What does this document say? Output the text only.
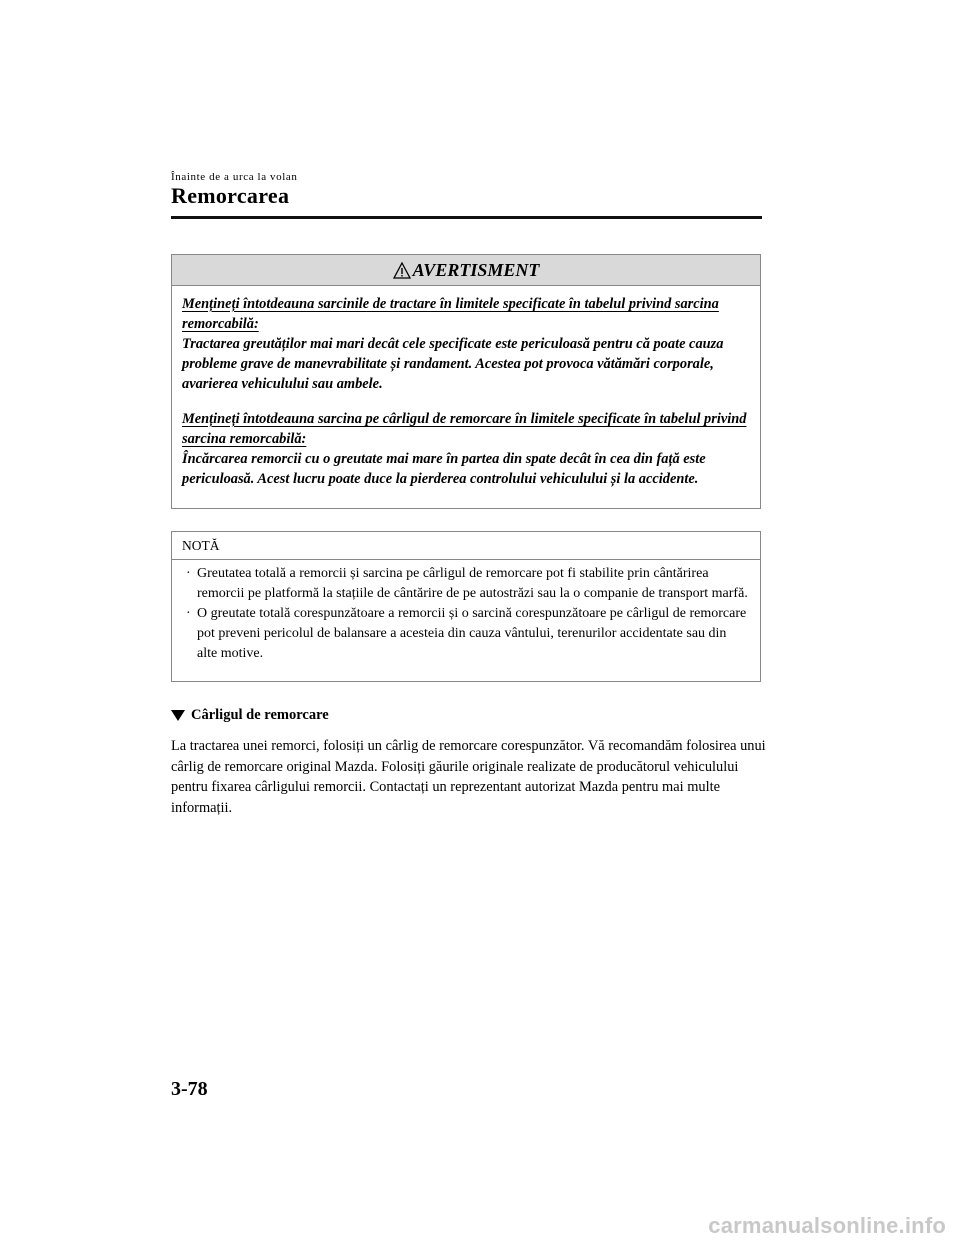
Înainte de a urca la volan
Remorcarea
AVERTISMENT

Mențineți întotdeauna sarcinile de tractare în limitele specificate în tabelul privind sarcina remorcabilă:

Tractarea greutăților mai mari decât cele specificate este periculoasă pentru că poate cauza probleme grave de manevrabilitate și randament. Acestea pot provoca vătămări corporale, avarierea vehiculului sau ambele.

Mențineți întotdeauna sarcina pe cârligul de remorcare în limitele specificate în tabelul privind sarcina remorcabilă:

Încărcarea remorcii cu o greutate mai mare în partea din spate decât în cea din față este periculoasă. Acest lucru poate duce la pierderea controlului vehiculului și la accidente.

NOTĂ

· Greutatea totală a remorcii și sarcina pe cârligul de remorcare pot fi stabilite prin cântărirea remorcii pe platformă la stațiile de cântărire de pe autostrăzi sau la o companie de transport marfă.

· O greutate totală corespunzătoare a remorcii și o sarcină corespunzătoare pe cârligul de remorcare pot preveni pericolul de balansare a acesteia din cauza vântului, terenurilor accidentate sau din alte motive.

Cârligul de remorcare

La tractarea unei remorci, folosiți un cârlig de remorcare corespunzător. Vă recomandăm folosirea unui cârlig de remorcare original Mazda. Folosiți găurile originale realizate de producătorul vehiculului pentru fixarea cârligului remorcii. Contactați un reprezentant autorizat Mazda pentru mai multe informații.

3-78
carmanualsonline.info
